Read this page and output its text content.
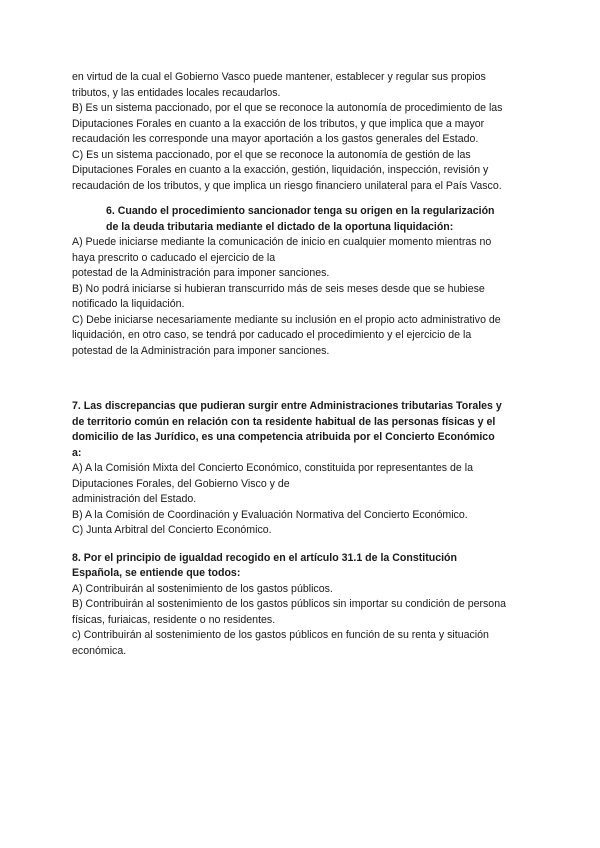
en virtud de la cual el Gobierno Vasco puede mantener, establecer y regular sus propios
tributos, y las entidades locales recaudarlos.
B) Es un sistema paccionado, por el que se reconoce la autonomía de procedimiento de las
Diputaciones Forales en cuanto a la exacción de los tributos, y que implica que a mayor
recaudación les corresponde una mayor aportación a los gastos generales del Estado.
C) Es un sistema paccionado, por el que se reconoce la autonomía de gestión de las
Diputaciones Forales en cuanto a la exacción, gestión, liquidación, inspección, revisión y
recaudación de los tributos, y que implica un riesgo financiero unilateral para el País Vasco.
6. Cuando el procedimiento sancionador tenga su origen en la regularización
de la deuda tributaria mediante el dictado de la oportuna liquidación:
A) Puede iniciarse mediante la comunicación de inicio en cualquier momento mientras no
haya prescrito o caducado el ejercicio de la
potestad de la Administración para imponer sanciones.
B) No podrá iniciarse si hubieran transcurrido más de seis meses desde que se hubiese
notificado la liquidación.
C) Debe iniciarse necesariamente mediante su inclusión en el propio acto administrativo de
liquidación, en otro caso, se tendrá por caducado el procedimiento y el ejercicio de la
potestad de la Administración para imponer sanciones.
7. Las discrepancias que pudieran surgir entre Administraciones tributarias Torales y
de territorio común en relación con ta residente habitual de las personas físicas y el
domicilio de las Jurídico, es una competencia atribuida por el Concierto Económico
a:
A) A la Comisión Mixta del Concierto Económico, constituida por representantes de la
Diputaciones Forales, del Gobierno Visco y de
administración del Estado.
B) A la Comisión de Coordinación y Evaluación Normativa del Concierto Económico.
C) Junta Arbitral del Concierto Económico.
8. Por el principio de igualdad recogido en el artículo 31.1 de la Constitución
Española, se entiende que todos:
A) Contribuirán al sostenimiento de los gastos públicos.
B) Contribuirán al sostenimiento de los gastos públicos sin importar su condición de persona
físicas, furiaicas, residente o no residentes.
c) Contribuirán al sostenimiento de los gastos públicos en función de su renta y situación
económica.
